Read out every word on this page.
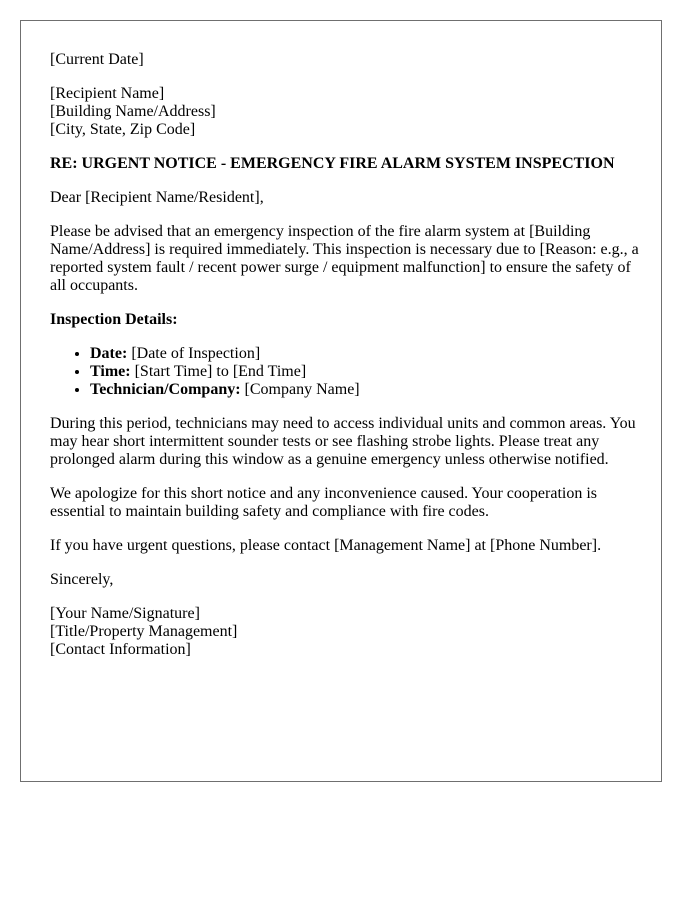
[Current Date]
[Recipient Name]
[Building Name/Address]
[City, State, Zip Code]
RE: URGENT NOTICE - EMERGENCY FIRE ALARM SYSTEM INSPECTION
Dear [Recipient Name/Resident],

Please be advised that an emergency inspection of the fire alarm system at [Building Name/Address] is required immediately. This inspection is necessary due to [Reason: e.g., a reported system fault / recent power surge / equipment malfunction] to ensure the safety of all occupants.

Inspection Details:
• Date: [Date of Inspection]
• Time: [Start Time] to [End Time]
• Technician/Company: [Company Name]

During this period, technicians may need to access individual units and common areas. You may hear short intermittent sounder tests or see flashing strobe lights. Please treat any prolonged alarm during this window as a genuine emergency unless otherwise notified.

We apologize for this short notice and any inconvenience caused. Your cooperation is essential to maintain building safety and compliance with fire codes.

If you have urgent questions, please contact [Management Name] at [Phone Number].

Sincerely,
[Your Name/Signature]
[Title/Property Management]
[Contact Information]
